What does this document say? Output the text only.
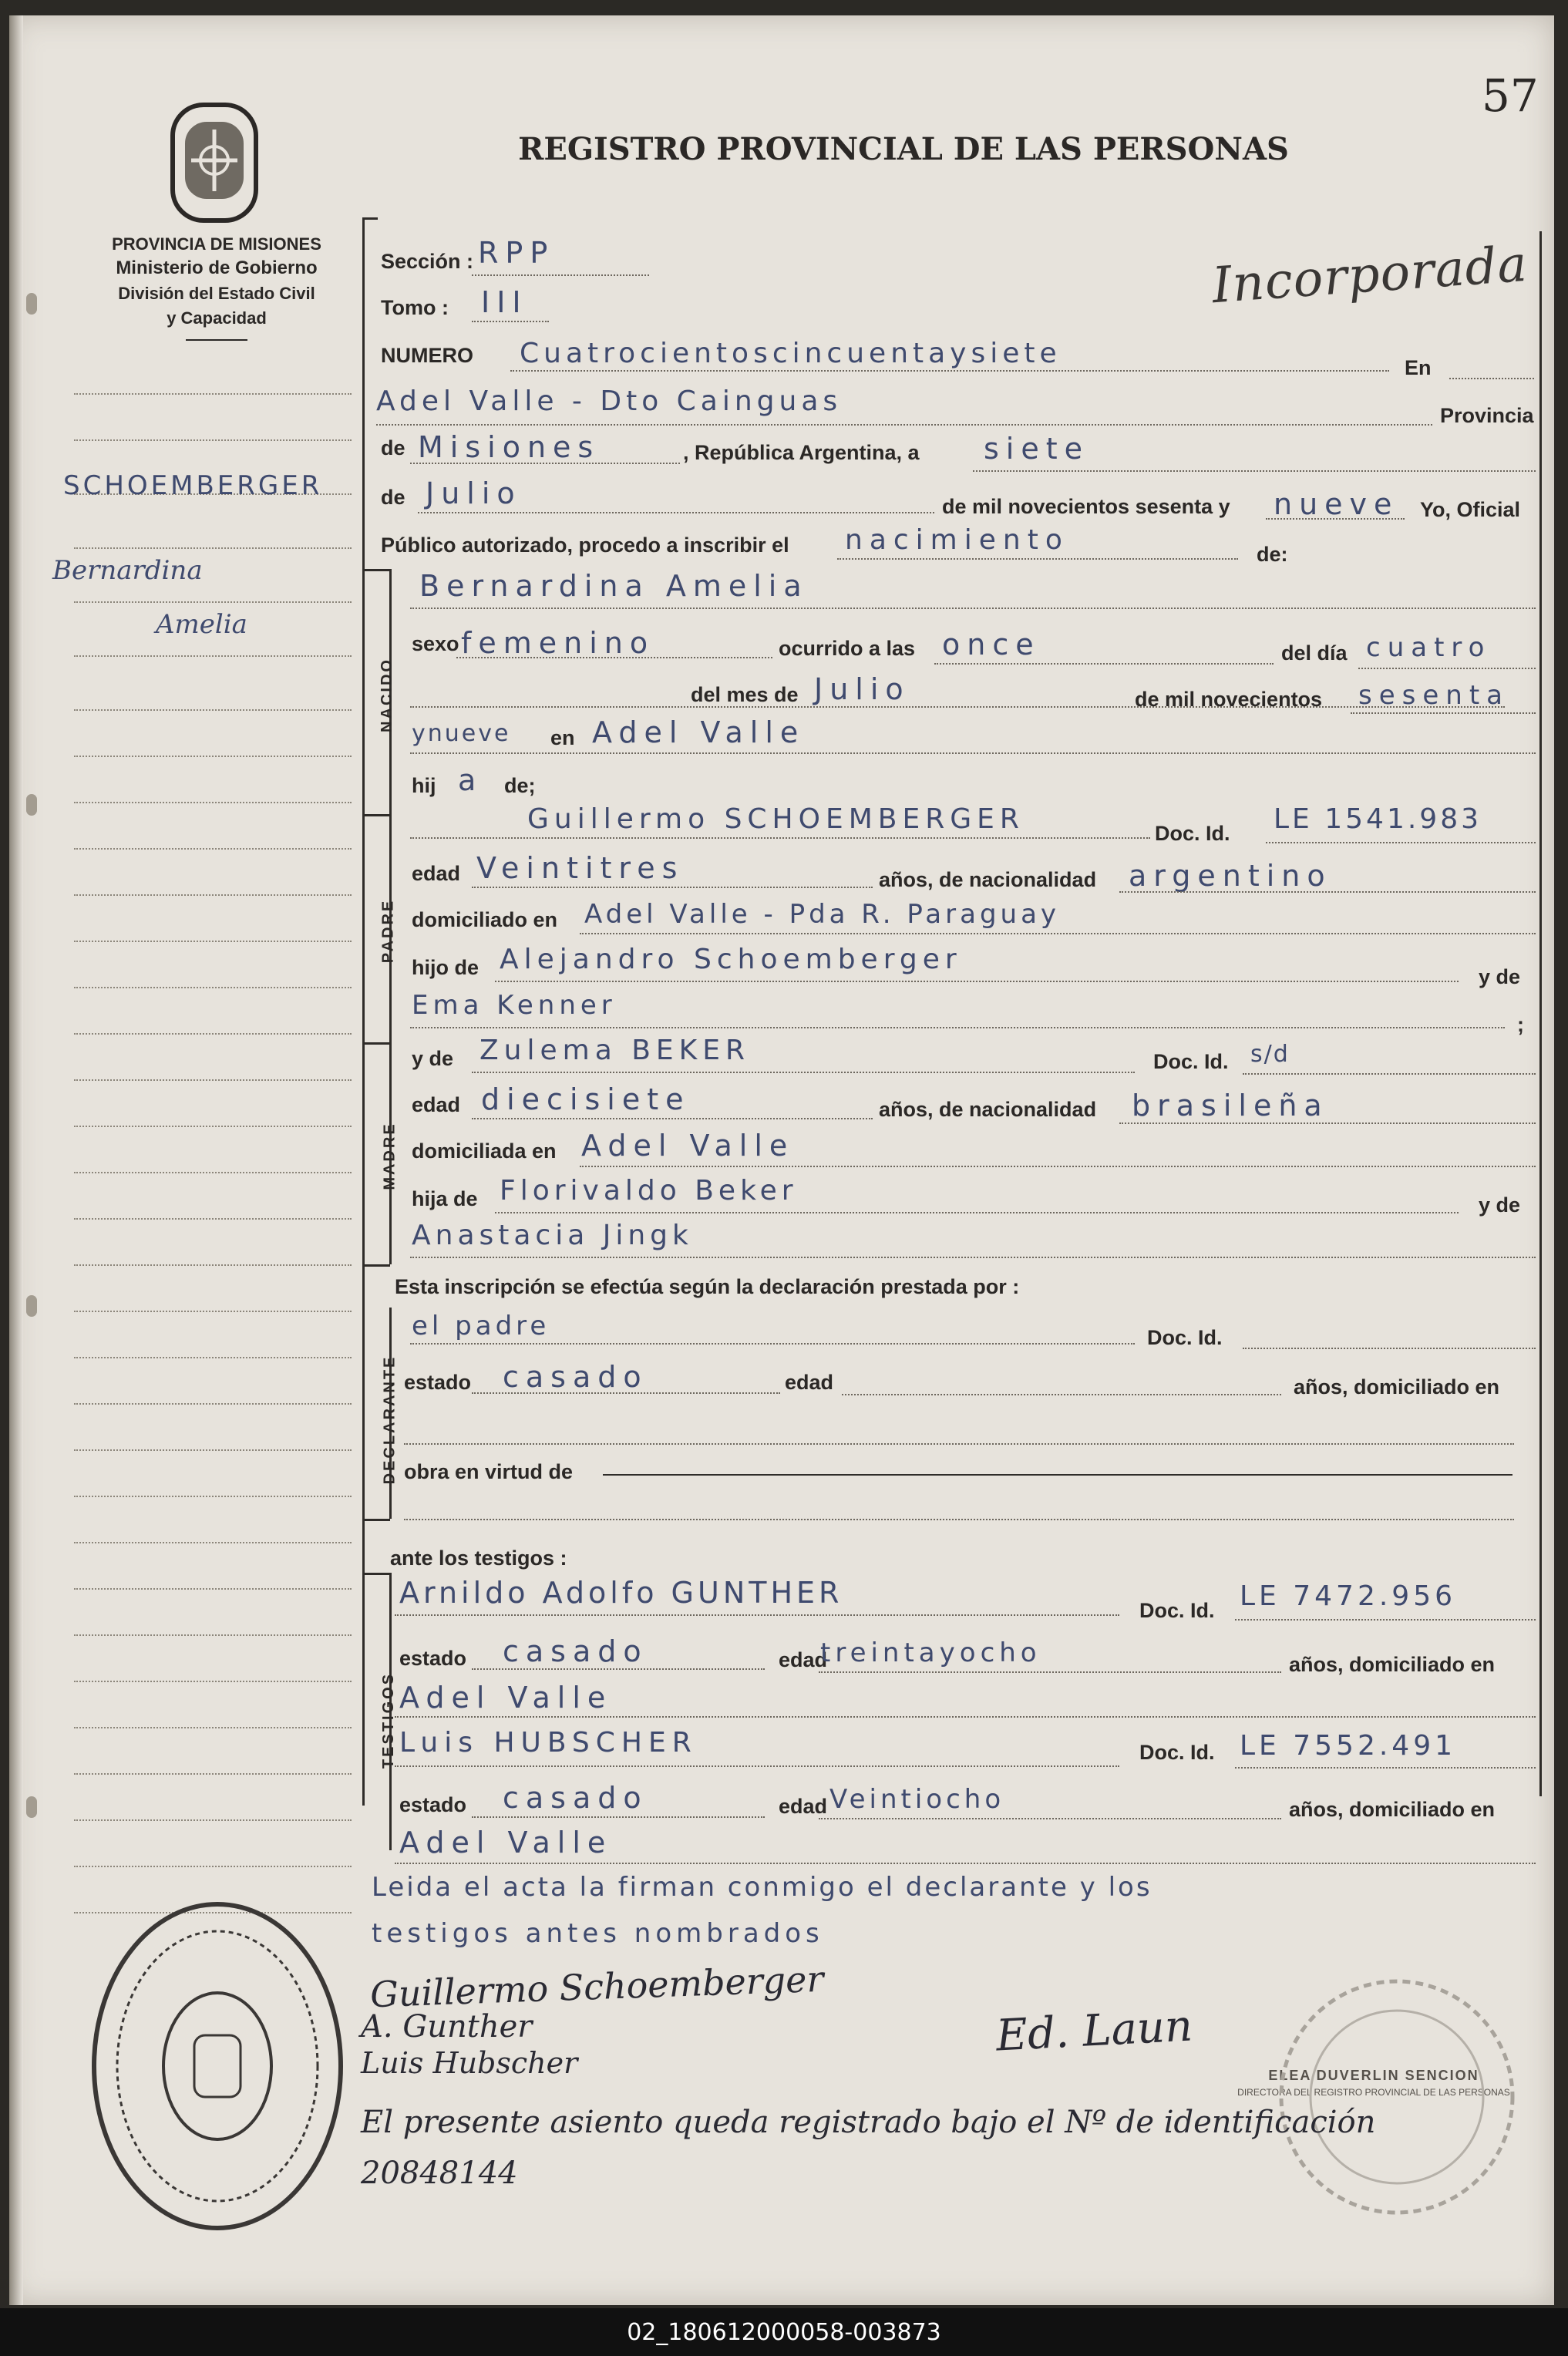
57
PROVINCIA DE MISIONES
Ministerio de Gobierno
División del Estado Civil
y Capacidad
REGISTRO PROVINCIAL DE LAS PERSONAS
Incorporada
SCHOEMBERGER
Bernardina
Amelia
NACIDO
PADRE
MADRE
DECLARANTE
TESTIGOS
Sección : RPP
Tomo : III
NUMERO Cuatrocientoscincuentaysiete	En
Adel Valle - Dto Cainguas	Provincia
de Misiones	, República Argentina, a siete
de Julio	de mil novecientos sesenta y nueve Yo, Oficial
Público autorizado, procedo a inscribir el nacimiento	de:
Bernardina Amelia
sexo femenino	ocurrido a las once	del día cuatro
del mes de Julio	de mil novecientos sesenta
ynueve en Adel Valle
hij a de;
Guillermo SCHOEMBERGER	Doc. Id. LE 1541.983
edad Veintitres	años, de nacionalidad argentino
domiciliado en Adel Valle - Pda R. Paraguay
hijo de Alejandro Schoemberger
y de
Ema Kenner
;
y de Zulema BEKER	Doc. Id. s/d
edad diecisiete	años, de nacionalidad brasileña
domiciliada en Adel Valle
hija de Florivaldo Beker	y de
Anastacia Jingk
Esta inscripción se efectúa según la declaración prestada por :
el padre	Doc. Id.
estado casado	edad	años, domiciliado en
obra en virtud de
ante los testigos :
Arnildo Adolfo GUNTHER
Doc. Id. LE 7472.956
estado casado	edad
treintayocho	años, domiciliado en
Adel Valle
Luis HUBSCHER	Doc. Id. LE 7552.491
estado casado	edad Veintiocho	años, domiciliado en
Adel Valle
Leida el acta la firman conmigo el declarante y los
testigos antes nombrados
Guillermo Schoemberger
A. Gunther
Luis Hubscher
Ed. Laun
ELEA DUVERLIN SENCION
DIRECTORA DEL REGISTRO PROVINCIAL DE LAS PERSONAS
El presente asiento queda registrado bajo el Nº de identificación 20848144
02_180612000058-003873
